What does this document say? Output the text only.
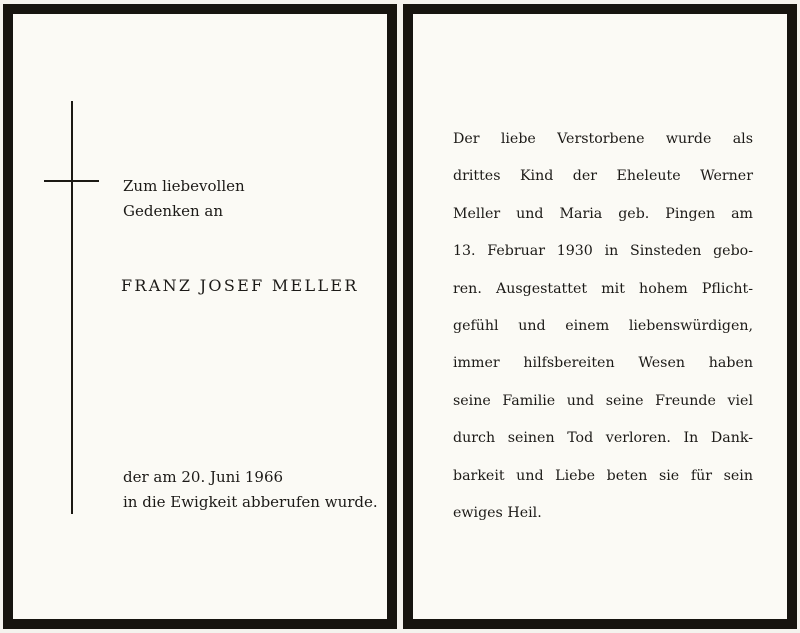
Zum liebevollen
Gedenken an

FRANZ JOSEF MELLER

der am 20. Juni 1966
in die Ewigkeit abberufen wurde.

Der liebe Verstorbene wurde als
drittes Kind der Eheleute Werner
Meller und Maria geb. Pingen am
13. Februar 1930 in Sinsteden gebo-
ren. Ausgestattet mit hohem Pflicht-
gefühl und einem liebenswürdigen,
immer hilfsbereiten Wesen haben
seine Familie und seine Freunde viel
durch seinen Tod verloren. In Dank-
barkeit und Liebe beten sie für sein
ewiges Heil.
